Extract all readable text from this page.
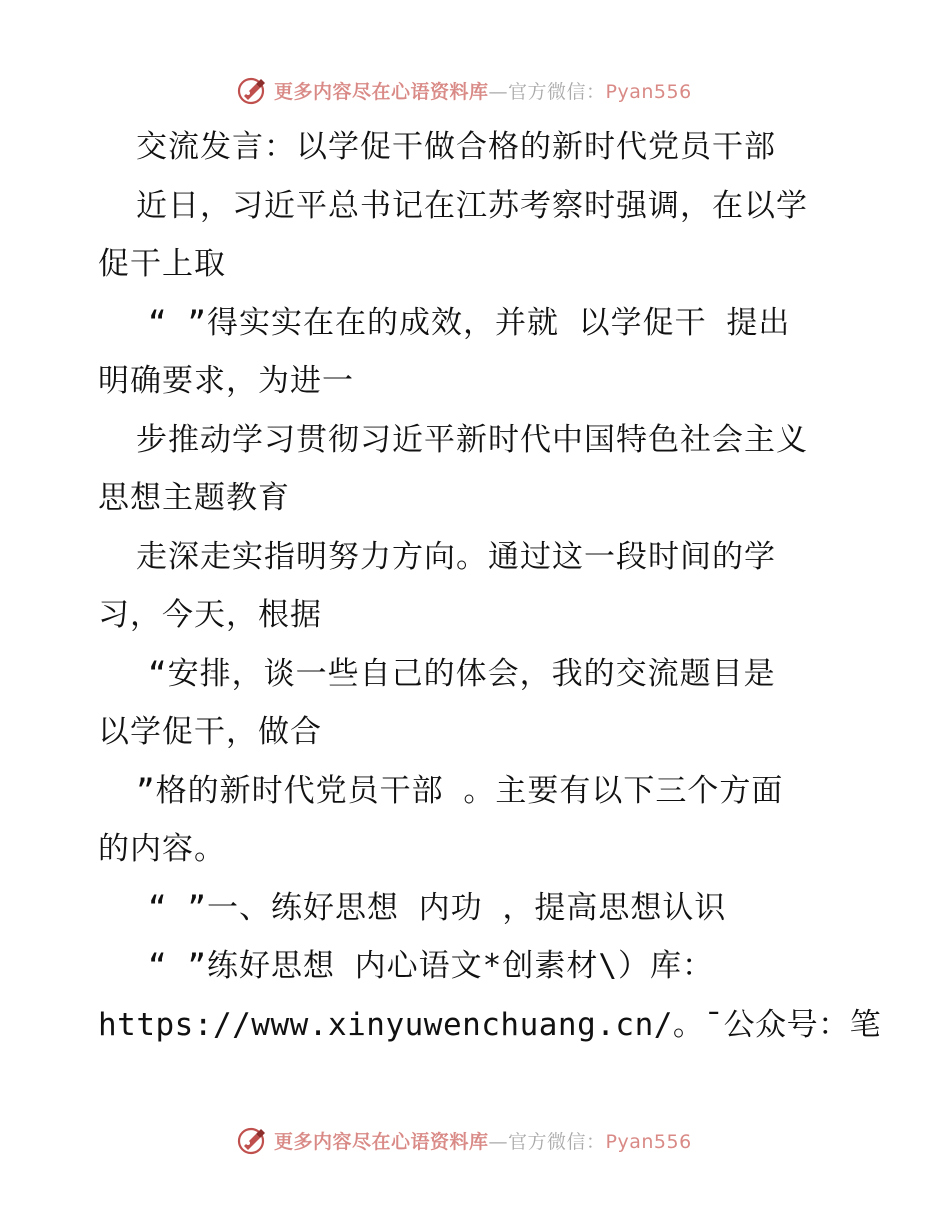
更多内容尽在心语资料库—官方微信：Pyan556
交流发言：以学促干做合格的新时代党员干部
近日，习近平总书记在江苏考察时强调，在以学
促干上取
“ ”得实实在在的成效，并就 以学促干 提出
明确要求，为进一
步推动学习贯彻习近平新时代中国特色社会主义
思想主题教育
走深走实指明努力方向。通过这一段时间的学
习，今天，根据
“安排，谈一些自己的体会，我的交流题目是
以学促干，做合
”格的新时代党员干部 。主要有以下三个方面
的内容。
“ ”一、练好思想 内功 ，提高思想认识
“ ”练好思想 内心语文*创素材\）库：
https://www.xinyuwenchuang.cn/。¯公众号：笔
更多内容尽在心语资料库—官方微信：Pyan556
